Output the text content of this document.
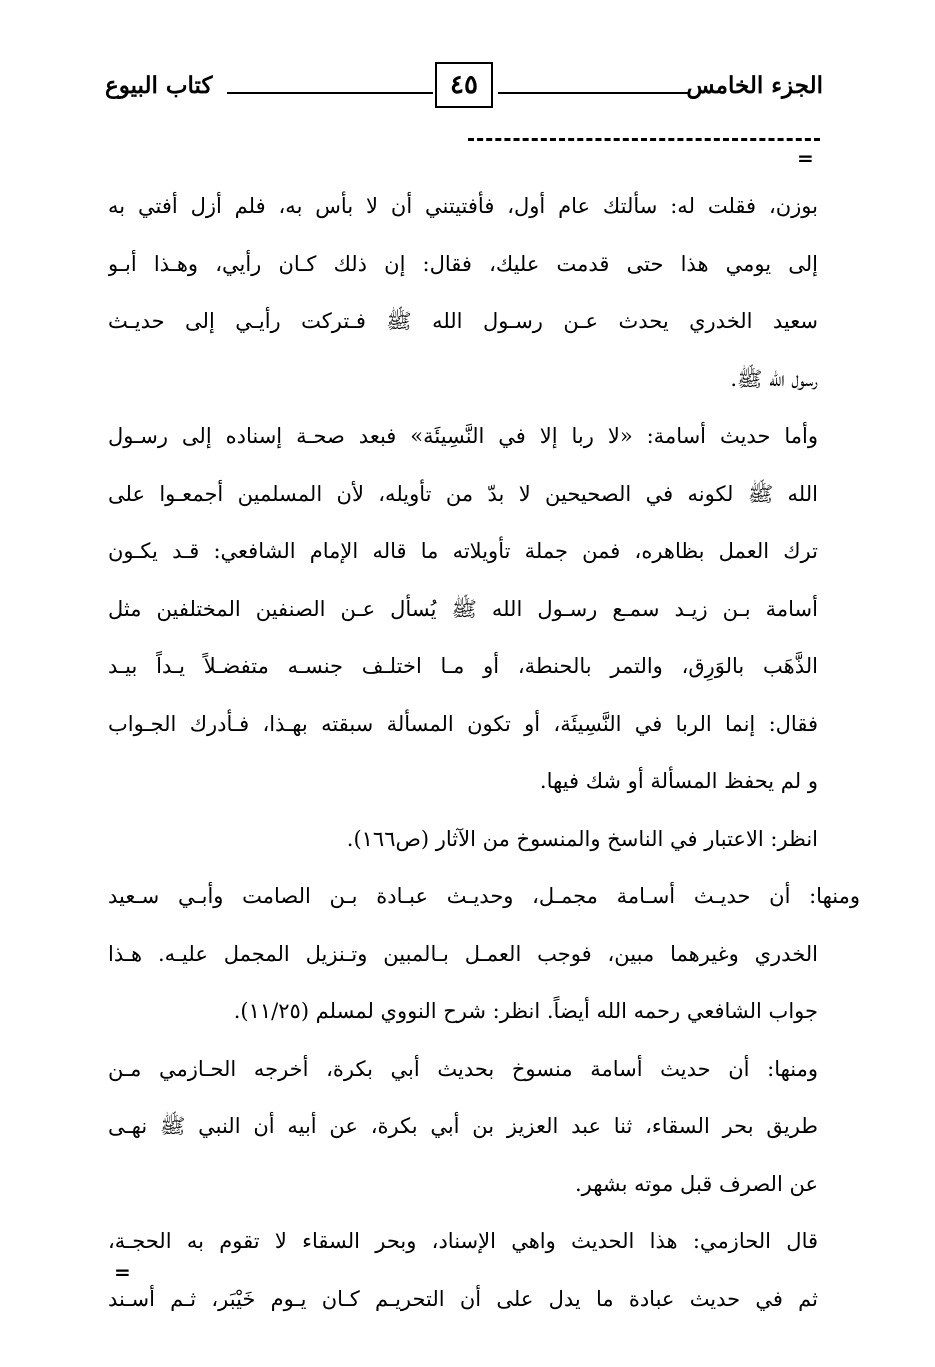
الجزء الخامس
٤٥
كتاب البيوع
=
بوزن، فقلت له: سألتك عام أول، فأفتيتني أن لا بأس به، فلم أزل أفتي به
إلى يومي هذا حتى قدمت عليك، فقال: إن ذلك كـان رأيي، وهـذا أبـو
سعيد الخدري يحدث عـن رسـول الله ﷺ فـتركت رأيـي إلى حديـث
رسول الله ﷺ.
وأما حديث أسامة: «لا ربا إلا في النَّسِيئَة» فبعد صحـة إسناده إلى رسـول
الله ﷺ لكونه في الصحيحين لا بدّ من تأويله، لأن المسلمين أجمعـوا على
ترك العمل بظاهره، فمن جملة تأويلاته ما قاله الإمام الشافعي: قـد يكـون
أسامة بـن زيـد سمـع رسـول الله ﷺ يُسأل عـن الصنفين المختلفين مثل
الذَّهَب بالوَرِق، والتمر بالحنطة، أو مـا اختلـف جنسـه متفضـلاً يـداً بيـد
فقال: إنما الربا في النَّسِيئَة، أو تكون المسألة سبقته بهـذا، فـأدرك الجـواب
و لم يحفظ المسألة أو شك فيها.
انظر: الاعتبار في الناسخ والمنسوخ من الآثار (ص١٦٦).
ومنها: أن حديـث أسـامة مجمـل، وحديـث عبـادة بـن الصامت وأبـي سـعيد
الخدري وغيرهما مبين، فوجب العمـل بـالمبين وتـنزيل المجمل عليـه. هـذا
جواب الشافعي رحمه الله أيضاً. انظر: شرح النووي لمسلم (١١/٢٥).
ومنها: أن حديث أسامة منسوخ بحديث أبي بكرة، أخرجه الحـازمي مـن
طريق بحر السقاء، ثنا عبد العزيز بن أبي بكرة، عن أبيه أن النبي ﷺ نهـى
عن الصرف قبل موته بشهر.
قال الحازمي: هذا الحديث واهي الإسناد، وبحر السقاء لا تقوم به الحجـة،
ثم في حديث عبادة ما يدل على أن التحريـم كـان يـوم خَيْبَر، ثـم أسـند
=
